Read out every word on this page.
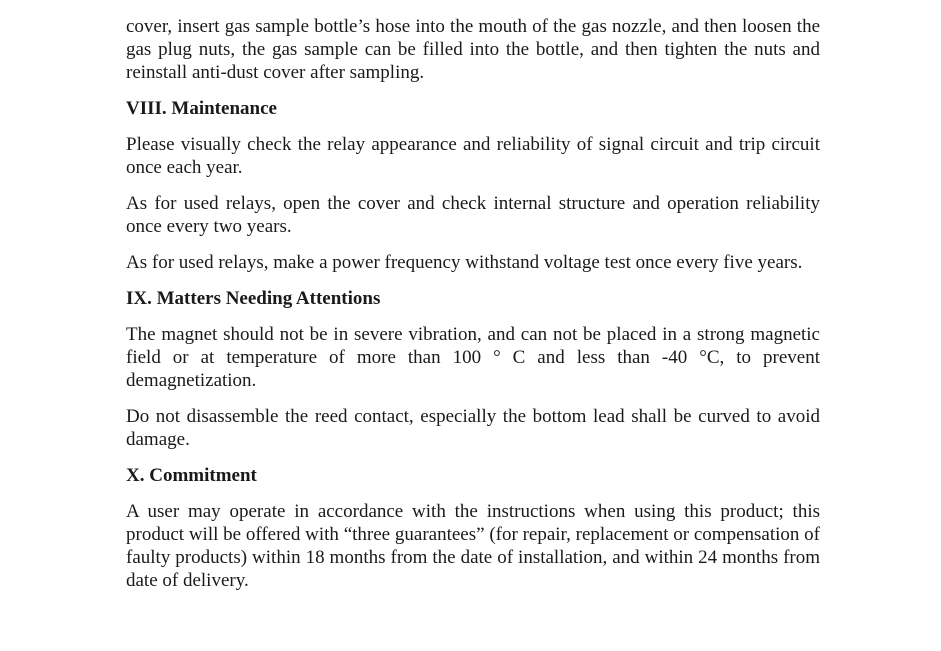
cover, insert gas sample bottle’s hose into the mouth of the gas nozzle, and then loosen the gas plug nuts, the gas sample can be filled into the bottle, and then tighten the nuts and reinstall anti-dust cover after sampling.

VIII. Maintenance

Please visually check the relay appearance and reliability of signal circuit and trip circuit once each year.

As for used relays, open the cover and check internal structure and operation reliability once every two years.

As for used relays, make a power frequency withstand voltage test once every five years.

IX. Matters Needing Attentions

The magnet should not be in severe vibration, and can not be placed in a strong magnetic field or at temperature of more than 100 ° C and less than -40 °C, to prevent demagnetization.

Do not disassemble the reed contact, especially the bottom lead shall be curved to avoid damage.

X. Commitment

A user may operate in accordance with the instructions when using this product; this product will be offered with “three guarantees” (for repair, replacement or compensation of faulty products) within 18 months from the date of installation, and within 24 months from date of delivery.
